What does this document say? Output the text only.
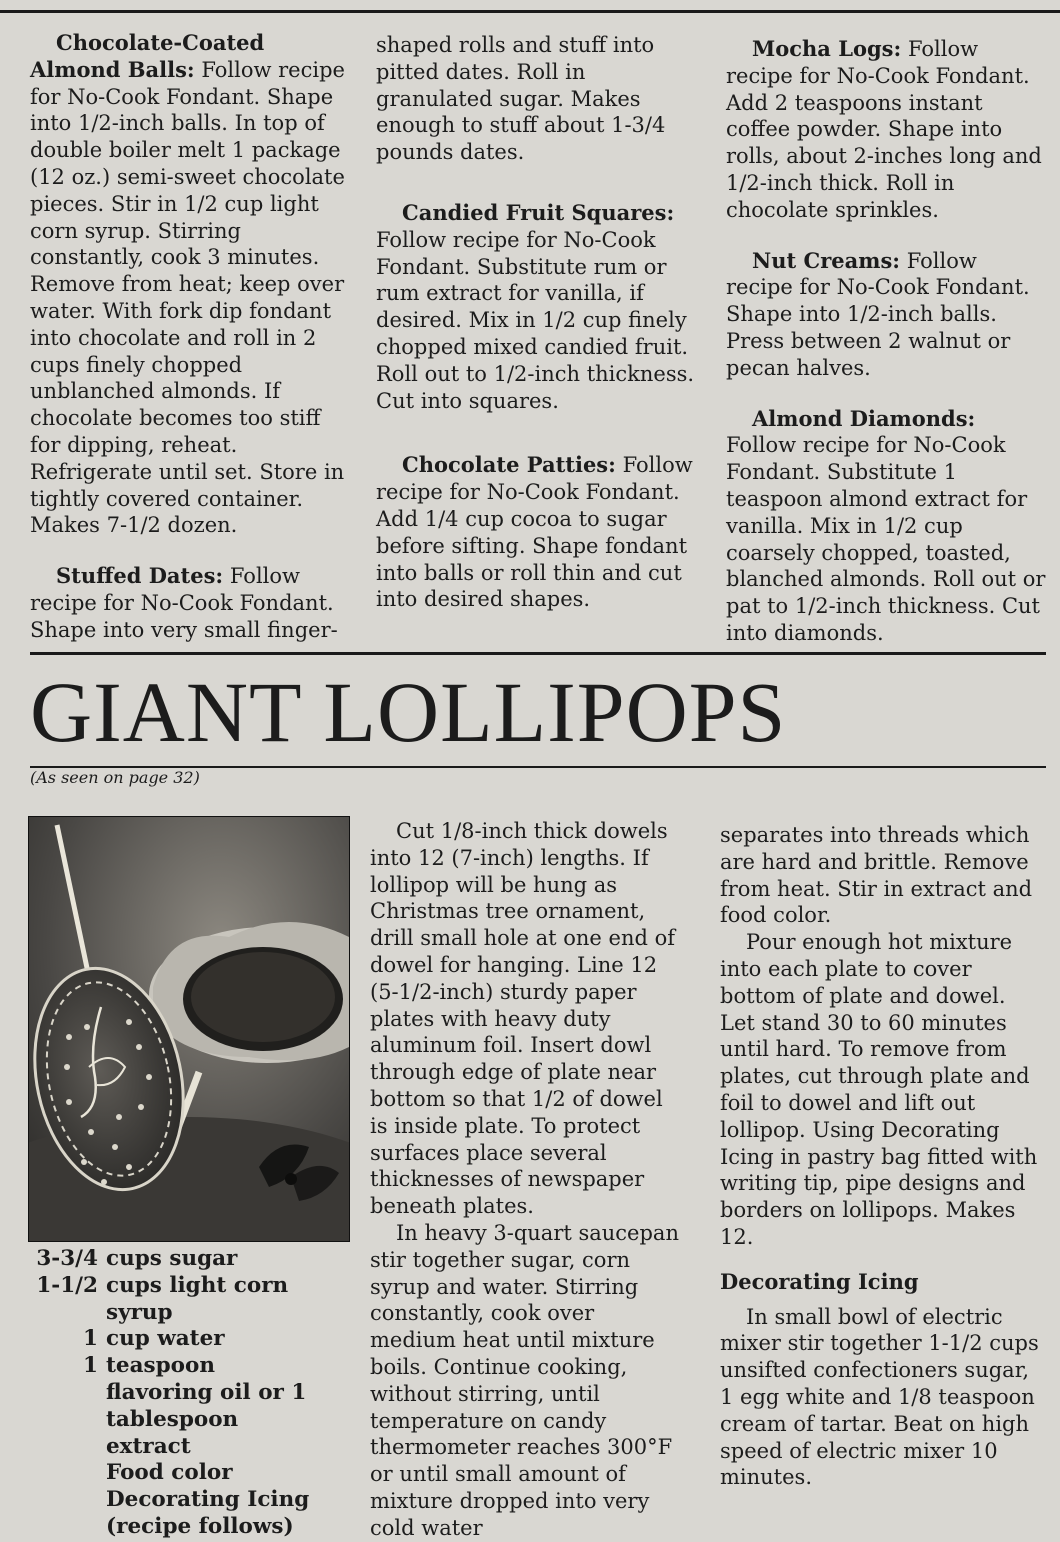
Chocolate-Coated Almond Balls: Follow recipe for No-Cook Fondant. Shape into 1/2-inch balls. In top of double boiler melt 1 package (12 oz.) semi-sweet chocolate pieces. Stir in 1/2 cup light corn syrup. Stirring constantly, cook 3 minutes. Remove from heat; keep over water. With fork dip fondant into chocolate and roll in 2 cups finely chopped unblanched almonds. If chocolate becomes too stiff for dipping, reheat. Refrigerate until set. Store in tightly covered container. Makes 7-1/2 dozen.

Stuffed Dates: Follow recipe for No-Cook Fondant. Shape into very small finger-

shaped rolls and stuff into pitted dates. Roll in granulated sugar. Makes enough to stuff about 1-3/4 pounds dates.

Candied Fruit Squares: Follow recipe for No-Cook Fondant. Substitute rum or rum extract for vanilla, if desired. Mix in 1/2 cup finely chopped mixed candied fruit. Roll out to 1/2-inch thickness. Cut into squares.

Chocolate Patties: Follow recipe for No-Cook Fondant. Add 1/4 cup cocoa to sugar before sifting. Shape fondant into balls or roll thin and cut into desired shapes.

Mocha Logs: Follow recipe for No-Cook Fondant. Add 2 teaspoons instant coffee powder. Shape into rolls, about 2-inches long and 1/2-inch thick. Roll in chocolate sprinkles.

Nut Creams: Follow recipe for No-Cook Fondant. Shape into 1/2-inch balls. Press between 2 walnut or pecan halves.

Almond Diamonds: Follow recipe for No-Cook Fondant. Substitute 1 teaspoon almond extract for vanilla. Mix in 1/2 cup coarsely chopped, toasted, blanched almonds. Roll out or pat to 1/2-inch thickness. Cut into diamonds.

GIANT LOLLIPOPS
(As seen on page 32)
3-3/4 cups sugar
1-1/2 cups light corn syrup
1 cup water
1 teaspoon flavoring oil or 1 tablespoon extract
Food color
Decorating Icing (recipe follows)

Cut 1/8-inch thick dowels into 12 (7-inch) lengths. If lollipop will be hung as Christmas tree ornament, drill small hole at one end of dowel for hanging. Line 12 (5-1/2-inch) sturdy paper plates with heavy duty aluminum foil. Insert dowl through edge of plate near bottom so that 1/2 of dowel is inside plate. To protect surfaces place several thicknesses of newspaper beneath plates.

In heavy 3-quart saucepan stir together sugar, corn syrup and water. Stirring constantly, cook over medium heat until mixture boils. Continue cooking, without stirring, until temperature on candy thermometer reaches 300°F or until small amount of mixture dropped into very cold water

separates into threads which are hard and brittle. Remove from heat. Stir in extract and food color.

Pour enough hot mixture into each plate to cover bottom of plate and dowel. Let stand 30 to 60 minutes until hard. To remove from plates, cut through plate and foil to dowel and lift out lollipop. Using Decorating Icing in pastry bag fitted with writing tip, pipe designs and borders on lollipops. Makes 12.

Decorating Icing

In small bowl of electric mixer stir together 1-1/2 cups unsifted confectioners sugar, 1 egg white and 1/8 teaspoon cream of tartar. Beat on high speed of electric mixer 10 minutes.
